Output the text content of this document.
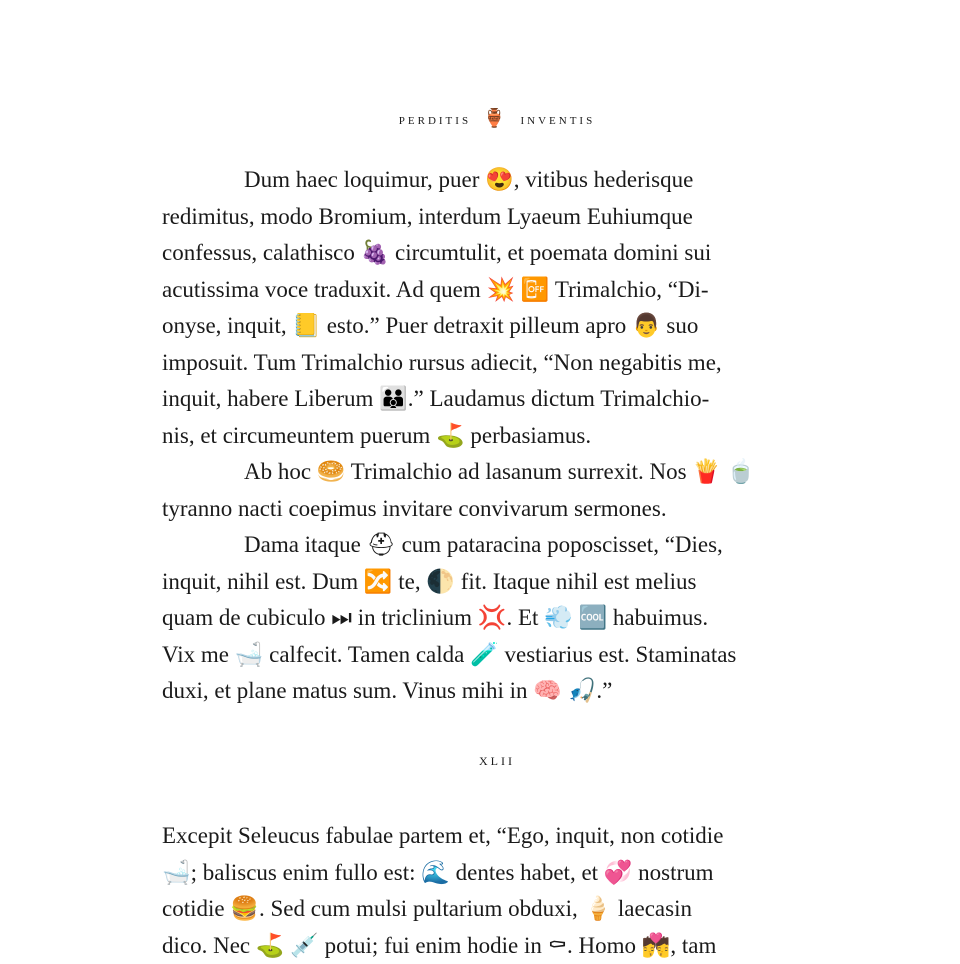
perditis 🏺 inventis
Dum haec loquimur, puer 😍, vitibus hederisque
redimitus, modo Bromium, interdum Lyaeum Euhiumque
confessus, calathisco 🍇 circumtulit, et poemata domini sui
acutissima voce traduxit. Ad quem 💥 📴 Trimalchio, “Di-
onyse, inquit, 📒 esto.” Puer detraxit pilleum apro 👨 suo
imposuit. Tum Trimalchio rursus adiecit, “Non negabitis me,
inquit, habere Liberum 👪.” Laudamus dictum Trimalchio-
nis, et circumeuntem puerum ⛳ perbasiamus.
Ab hoc 🥯 Trimalchio ad lasanum surrexit. Nos 🍟 🍵
tyranno nacti coepimus invitare convivarum sermones.
Dama itaque ⛑ cum pataracina poposcisset, “Dies,
inquit, nihil est. Dum 🔀 te, 🌓 fit. Itaque nihil est melius
quam de cubiculo ⏭ in triclinium 💢. Et 💨 🆒 habuimus.
Vix me 🛁 calfecit. Tamen calda 🧪 vestiarius est. Staminatas
duxi, et plane matus sum. Vinus mihi in 🧠 🎣.”
xlii
Excepit Seleucus fabulae partem et, “Ego, inquit, non cotidie
🛁; baliscus enim fullo est: 🌊 dentes habet, et 💞 nostrum
cotidie 🍔. Sed cum mulsi pultarium obduxi, 🍦 laecasin
dico. Nec ⛳ 💉 potui; fui enim hodie in ⚰. Homo 💏, tam
